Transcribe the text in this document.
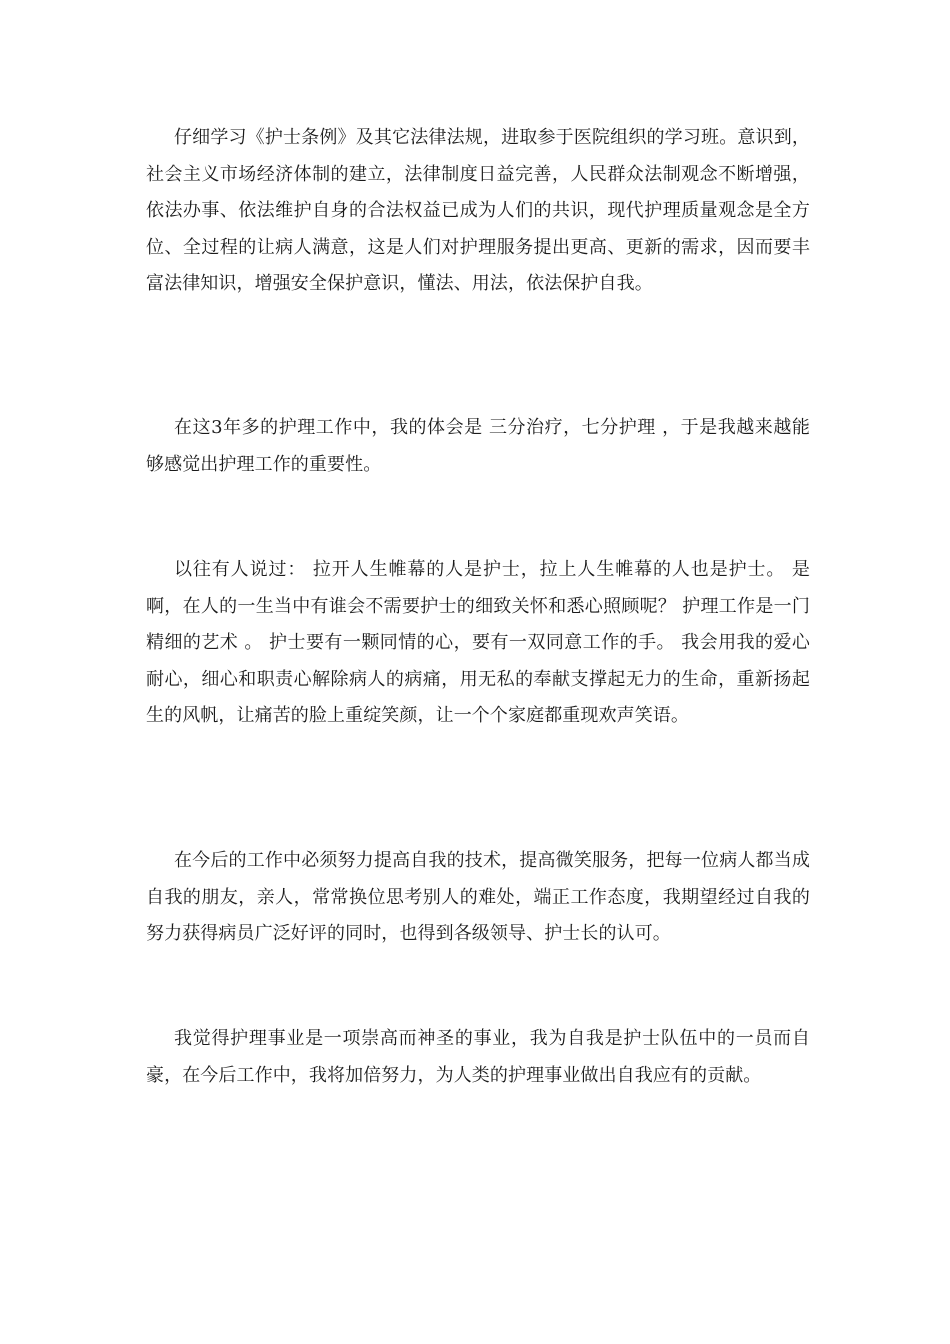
仔细学习《护士条例》及其它法律法规，进取参于医院组织的学习班。意识到，社会主义市场经济体制的建立，法律制度日益完善，人民群众法制观念不断增强，依法办事、依法维护自身的合法权益已成为人们的共识，现代护理质量观念是全方位、全过程的让病人满意，这是人们对护理服务提出更高、更新的需求，因而要丰富法律知识，增强安全保护意识，懂法、用法，依法保护自我。

在这3年多的护理工作中，我的体会是 三分治疗，七分护理 ，于是我越来越能够感觉出护理工作的重要性。

以往有人说过： 拉开人生帷幕的人是护士，拉上人生帷幕的人也是护士。 是啊，在人的一生当中有谁会不需要护士的细致关怀和悉心照顾呢？ 护理工作是一门精细的艺术 。 护士要有一颗同情的心，要有一双同意工作的手。 我会用我的爱心耐心，细心和职责心解除病人的病痛，用无私的奉献支撑起无力的生命，重新扬起生的风帆，让痛苦的脸上重绽笑颜，让一个个家庭都重现欢声笑语。

在今后的工作中必须努力提高自我的技术，提高微笑服务，把每一位病人都当成自我的朋友，亲人，常常换位思考别人的难处，端正工作态度，我期望经过自我的努力获得病员广泛好评的同时，也得到各级领导、护士长的认可。

我觉得护理事业是一项崇高而神圣的事业，我为自我是护士队伍中的一员而自豪，在今后工作中，我将加倍努力，为人类的护理事业做出自我应有的贡献。
